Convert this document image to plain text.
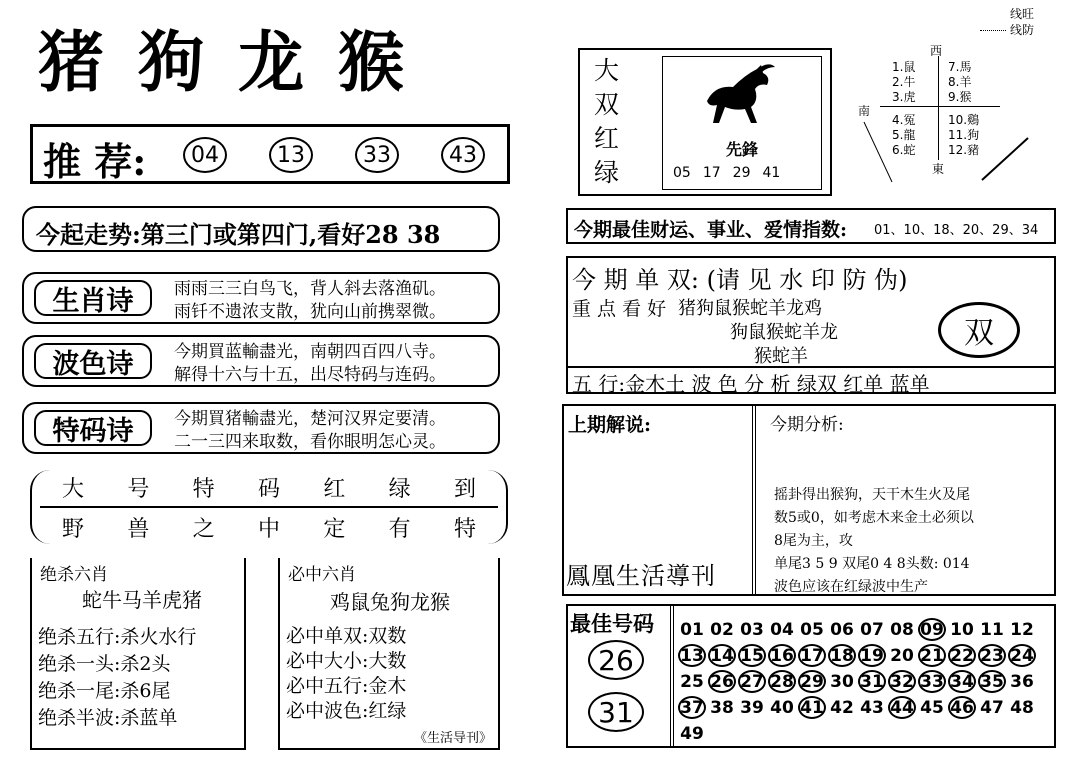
猪狗龙猴
推 荐:	04	13	33	43
今起走势:第三门或第四门,看好28 38
生肖诗	雨雨三三白鸟飞，背人斜去落渔矶。
雨钎不遗浓支散，犹向山前携翠微。
波色诗	今期買蓝輸盡光，南朝四百四八寺。
解得十六与十五，出尽特码与连码。
特码诗	今期買猪輸盡光，楚河汉界定要清。
二一三四来取数，看你眼明怎心灵。
大 号 特 码 红 绿 到
野 兽 之 中 定 有 特
绝杀六肖
蛇牛马羊虎猪
绝杀五行:杀火水行
绝杀一头:杀2头
绝杀一尾:杀6尾
绝杀半波:杀蓝单
必中六肖
鸡鼠兔狗龙猴
必中单双:双数
必中大小:大数
必中五行:金木
必中波色:红绿
《生活导刊》
线旺
线防
大
双
红
绿
先鋒
05 17 29 41
西
南
東
1.鼠
2.牛
3.虎
4.冤
5.龍
6.蛇
7.馬
8.羊
9.猴
10.鷄
11.狗
12.豬
今期最佳财运、事业、爱情指数: 01、10、18、20、29、34
今 期 单 双: (请 见 水 印 防 伪)
重 点 看 好 猪狗鼠猴蛇羊龙鸡
狗鼠猴蛇羊龙
猴蛇羊
双
五 行:金木土 波 色 分 析 绿双 红单 蓝单
上期解说:
鳳凰生活導刊
今期分析:
摇卦得出猴狗，天干木生火及尾
数5或0，如考虑木来金土必须以
8尾为主，攻
单尾3 5 9 双尾0 4 8头数: 014
波色应该在红绿波中生产
最佳号码
26
31
01 02 03 04 05 06 07 08 09 10 11 12
13 14 15 16 17 18 19 20 21 22 23 24
25 26 27 28 29 30 31 32 33 34 35 36
37 38 39 40 41 42 43 44 45 46 47 48
49
